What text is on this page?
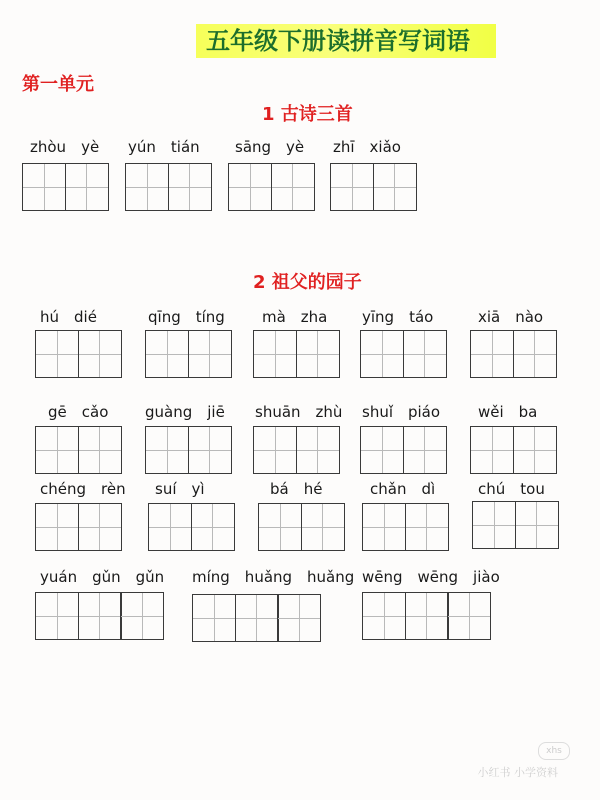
五年级下册读拼音写词语
第一单元
1 古诗三首
2 祖父的园子
zhòu  yè yún  tián sāng  yè zhī  xiǎo
hú  dié	qīng  tíng mà  zha yīng  táo	xiā  nào
gē  cǎo guàng  jiē shuān  zhù shuǐ  piáo	wěi  ba
chéng  rèn suí  yì	bá  hé	chǎn  dì	chú  tou
yuán  gǔn  gǔn míng  huǎng  huǎng wēng  wēng  jiào
xhs
小红书 小学资料
